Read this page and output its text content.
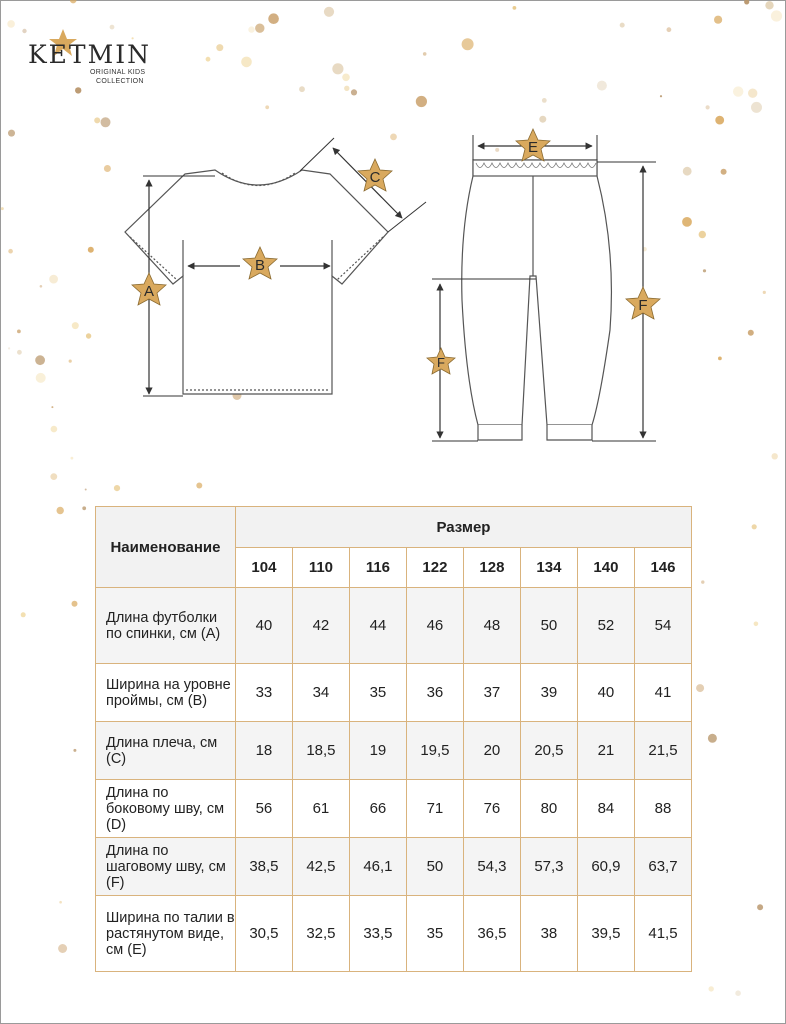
KETMIN
ORIGINAL KIDS
COLLECTION
A
B
C
E
F
F
Наименование	Размер							
	104	110	116	122	128	134	140	146
Длина футболки по спинки, см (A)	40	42	44	46	48	50	52	54
Ширина на уровне проймы, см (B)	33	34	35	36	37	39	40	41
Длина плеча, см (C)	18	18,5	19	19,5	20	20,5	21	21,5
Длина по боковому шву, см (D)	56	61	66	71	76	80	84	88
Длина по шаговому шву, см (F)	38,5	42,5	46,1	50	54,3	57,3	60,9	63,7
Ширина по талии в растянутом виде, см (E)	30,5	32,5	33,5	35	36,5	38	39,5	41,5
